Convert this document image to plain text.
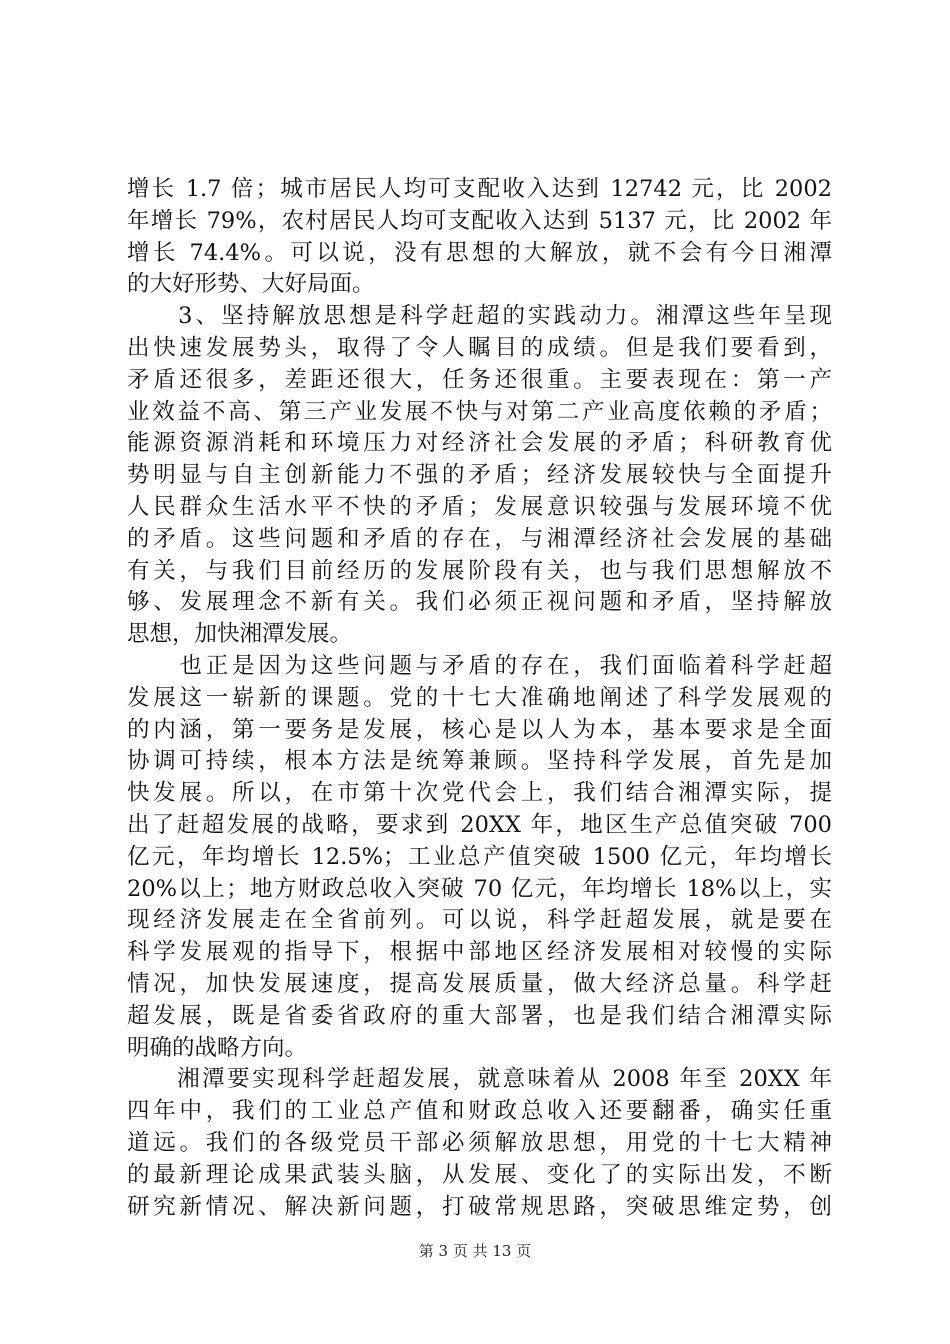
增长 1.7 倍；城市居民人均可支配收入达到 12742 元，比 2002
年增长 79%，农村居民人均可支配收入达到 5137 元，比 2002 年
增长 74.4%。可以说，没有思想的大解放，就不会有今日湘潭
的大好形势、大好局面。
　　3、坚持解放思想是科学赶超的实践动力。湘潭这些年呈现
出快速发展势头，取得了令人瞩目的成绩。但是我们要看到，
矛盾还很多，差距还很大，任务还很重。主要表现在：第一产
业效益不高、第三产业发展不快与对第二产业高度依赖的矛盾；
能源资源消耗和环境压力对经济社会发展的矛盾；科研教育优
势明显与自主创新能力不强的矛盾；经济发展较快与全面提升
人民群众生活水平不快的矛盾；发展意识较强与发展环境不优
的矛盾。这些问题和矛盾的存在，与湘潭经济社会发展的基础
有关，与我们目前经历的发展阶段有关，也与我们思想解放不
够、发展理念不新有关。我们必须正视问题和矛盾，坚持解放
思想，加快湘潭发展。
　　也正是因为这些问题与矛盾的存在，我们面临着科学赶超
发展这一崭新的课题。党的十七大准确地阐述了科学发展观的
的内涵，第一要务是发展，核心是以人为本，基本要求是全面
协调可持续，根本方法是统筹兼顾。坚持科学发展，首先是加
快发展。所以，在市第十次党代会上，我们结合湘潭实际，提
出了赶超发展的战略，要求到 20XX 年，地区生产总值突破 700
亿元，年均增长 12.5%；工业总产值突破 1500 亿元，年均增长
20%以上；地方财政总收入突破 70 亿元，年均增长 18%以上，实
现经济发展走在全省前列。可以说，科学赶超发展，就是要在
科学发展观的指导下，根据中部地区经济发展相对较慢的实际
情况，加快发展速度，提高发展质量，做大经济总量。科学赶
超发展，既是省委省政府的重大部署，也是我们结合湘潭实际
明确的战略方向。
　　湘潭要实现科学赶超发展，就意味着从 2008 年至 20XX 年
四年中，我们的工业总产值和财政总收入还要翻番，确实任重
道远。我们的各级党员干部必须解放思想，用党的十七大精神
的最新理论成果武装头脑，从发展、变化了的实际出发，不断
研究新情况、解决新问题，打破常规思路，突破思维定势，创
第 3 页 共 13 页
